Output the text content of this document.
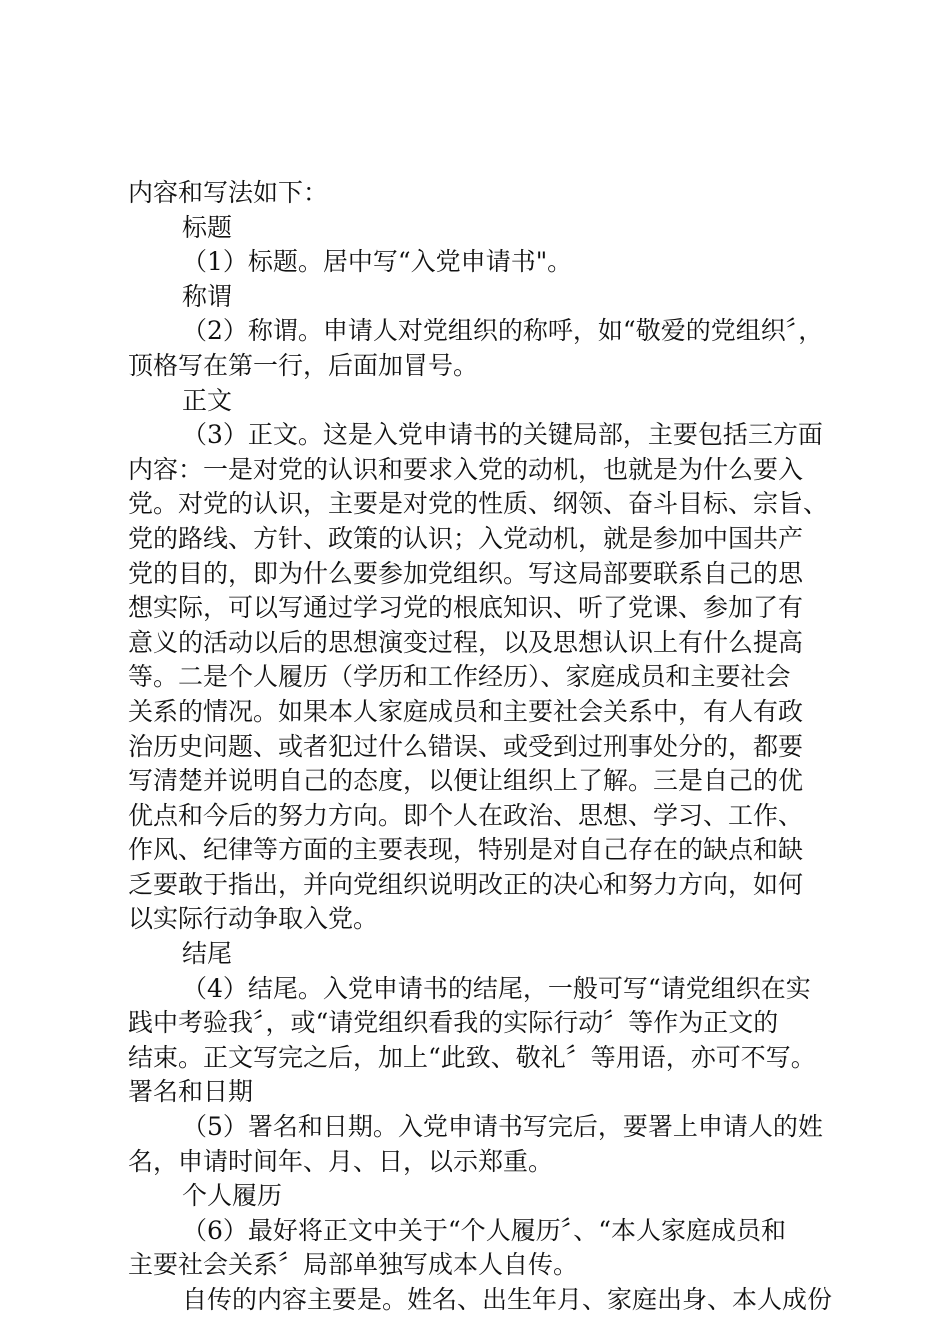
内容和写法如下：
标题
（1）标题。居中写“入党申请书"。
称谓
（2）称谓。申请人对党组织的称呼，如“敬爱的党组织〞，
顶格写在第一行，后面加冒号。
正文
（3）正文。这是入党申请书的关键局部，主要包括三方面
内容：一是对党的认识和要求入党的动机，也就是为什么要入
党。对党的认识，主要是对党的性质、纲领、奋斗目标、宗旨、
党的路线、方针、政策的认识；入党动机，就是参加中国共产
党的目的，即为什么要参加党组织。写这局部要联系自己的思
想实际，可以写通过学习党的根底知识、听了党课、参加了有
意义的活动以后的思想演变过程，以及思想认识上有什么提高
等。二是个人履历（学历和工作经历）、家庭成员和主要社会
关系的情况。如果本人家庭成员和主要社会关系中，有人有政
治历史问题、或者犯过什么错误、或受到过刑事处分的，都要
写清楚并说明自己的态度，以便让组织上了解。三是自己的优
优点和今后的努力方向。即个人在政治、思想、学习、工作、
作风、纪律等方面的主要表现，特别是对自己存在的缺点和缺
乏要敢于指出，并向党组织说明改正的决心和努力方向，如何
以实际行动争取入党。
结尾
（4）结尾。入党申请书的结尾，一般可写“请党组织在实
践中考验我〞，或“请党组织看我的实际行动〞等作为正文的
结束。正文写完之后，加上“此致、敬礼〞等用语，亦可不写。
署名和日期
（5）署名和日期。入党申请书写完后，要署上申请人的姓
名，申请时间年、月、日，以示郑重。
个人履历
（6）最好将正文中关于“个人履历〞、“本人家庭成员和
主要社会关系〞局部单独写成本人自传。
自传的内容主要是。姓名、出生年月、家庭出身、本人成份
